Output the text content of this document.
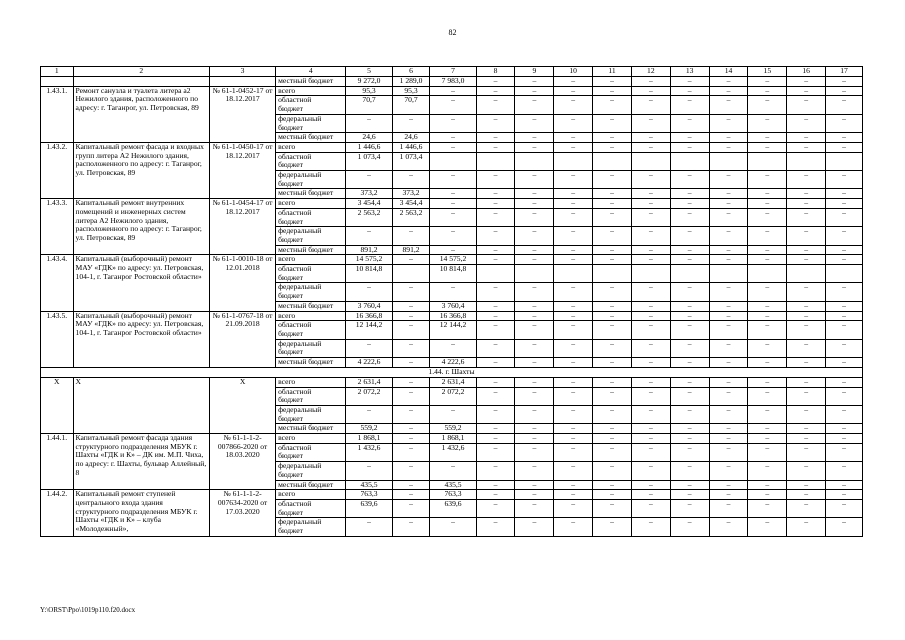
82
1	2	3	4	5	6	7	8	9	10	11	12	13	14	15	16	17
			местный бюджет	9 272,0	1 289,0	7 983,0	–	–	–	–	–	–	–	–	–	–
1.43.1.	Ремонт санузла и туалета литера а2 Нежилого здания, расположенного по адресу: г. Таганрог, ул. Петровская, 89	№ 61-1-0452-17 от 18.12.2017	всего	95,3	95,3	–	–	–	–	–	–	–	–	–	–	–
			областной
бюджет	70,7	70,7	–	–	–	–	–	–	–	–	–	–	–
			федеральный
бюджет	–	–	–	–	–	–	–	–	–	–	–	–	–
			местный бюджет	24,6	24,6	–	–	–	–	–	–	–	–	–	–	–
1.43.2.	Капитальный ремонт фасада и входных групп литера А2 Нежилого здания, расположенного по адресу: г. Таганрог, ул. Петровская, 89	№ 61-1-0450-17 от 18.12.2017	всего	1 446,6	1 446,6	–	–	–	–	–	–	–	–	–	–	–
			областной
бюджет	1 073,4	1 073,4											
			федеральный
бюджет	–	–	–	–	–	–	–	–	–	–	–	–	–
			местный бюджет	373,2	373,2	–	–	–	–	–	–	–	–	–	–	–
1.43.3.	Капитальный ремонт внутренних помещений и инженерных систем литера А2 Нежилого здания, расположенного по адресу: г. Таганрог, ул. Петровская, 89	№ 61-1-0454-17 от 18.12.2017	всего	3 454,4	3 454,4	–	–	–	–	–	–	–	–	–	–	–
			областной
бюджет	2 563,2	2 563,2	–	–	–	–	–	–	–	–	–	–	–
			федеральный
бюджет	–	–	–	–	–	–	–	–	–	–	–	–	–
			местный бюджет	891,2	891,2	–	–	–	–	–	–	–	–	–	–	–
1.43.4.	Капитальный (выборочный) ремонт МАУ «ГДК» по адресу: ул. Петровская, 104-1, г. Таганрог Ростовской области»	№ 61-1-0010-18 от 12.01.2018	всего	14 575,2	–	14 575,2	–	–	–	–	–	–	–	–	–	–
			областной
бюджет	10 814,8		10 814,8										
			федеральный
бюджет	–	–	–	–	–	–	–	–	–	–	–	–	–
			местный бюджет	3 760,4	–	3 760,4	–	–	–	–	–	–	–	–	–	–
1.43.5.	Капитальный (выборочный) ремонт МАУ «ГДК» по адресу: ул. Петровская, 104-1, г. Таганрог Ростовской области»	№ 61-1-0767-18 от 21.09.2018	всего	16 366,8	–	16 366,8	–	–	–	–	–	–	–	–	–	–
			областной
бюджет	12 144,2	–	12 144,2	–	–	–	–	–	–	–	–	–	–
			федеральный
бюджет	–	–	–	–	–	–	–	–	–	–	–	–	–
			местный бюджет	4 222,6	–	4 222,6	–	–	–	–	–	–	–	–	–	–
1.44. г. Шахты																
Х	Х	Х	всего	2 631,4	–	2 631,4	–	–	–	–	–	–	–	–	–	–
			областной
бюджет	2 072,2	–	2 072,2	–	–	–	–	–	–	–	–	–	–
			федеральный
бюджет	–	–	–	–	–	–	–	–	–	–	–	–	–
			местный бюджет	559,2	–	559,2	–	–	–	–	–	–	–	–	–	–
1.44.1.	Капитальный ремонт фасада здания структурного подразделения МБУК г. Шахты «ГДК и К» – ДК им. М.П. Чиха, по адресу: г. Шахты, бульвар Аллейный, 8	№ 61-1-1-2-007866-2020 от 18.03.2020	всего	1 868,1	–	1 868,1	–	–	–	–	–	–	–	–	–	–
			областной
бюджет	1 432,6	–	1 432,6	–	–	–	–	–	–	–	–	–	–
			федеральный
бюджет	–	–	–	–	–	–	–	–	–	–	–	–	–
			местный бюджет	435,5	–	435,5	–	–	–	–	–	–	–	–	–	–
1.44.2.	Капитальный ремонт ступеней центрального входа здания структурного подразделения МБУК г. Шахты «ГДК и К» – клуба «Молодежный»,	№ 61-1-1-2-007634-2020 от 17.03.2020	всего	763,3	–	763,3	–	–	–	–	–	–	–	–	–	–
			областной
бюджет	639,6	–	639,6	–	–	–	–	–	–	–	–	–	–
			федеральный
бюджет	–	–	–	–	–	–	–	–	–	–	–	–	–
Y:\ORST\Ppo\1019p110.f20.docx
